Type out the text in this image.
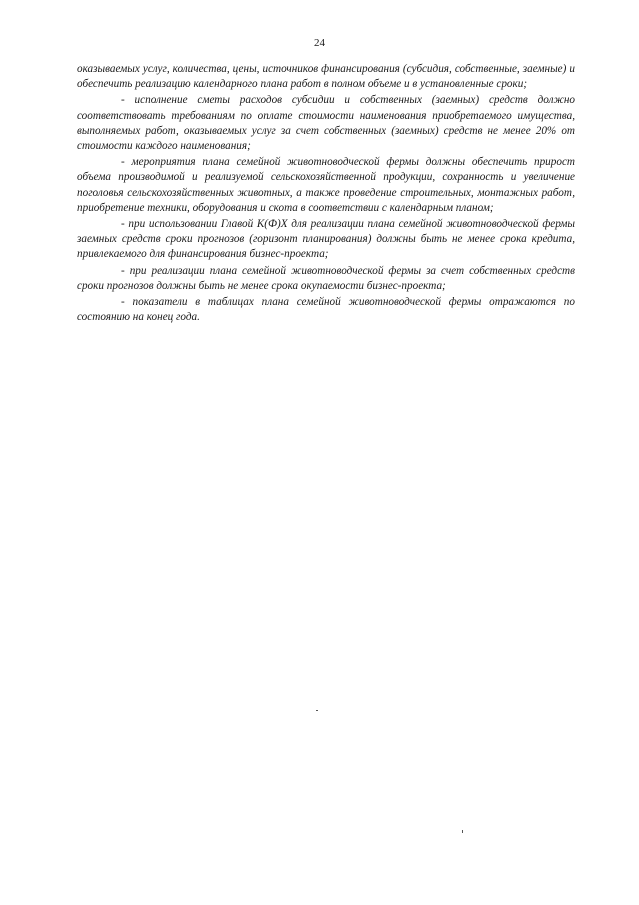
24

оказываемых услуг, количества, цены, источников финансирования (субсидия, собственные, заемные) и обеспечить реализацию календарного плана работ в полном объеме и в установленные сроки;

- исполнение сметы расходов субсидии и собственных (заемных) средств должно соответствовать требованиям по оплате стоимости наименования приобретаемого имущества, выполняемых работ, оказываемых услуг за счет собственных (заемных) средств не менее 20% от стоимости каждого наименования;

- мероприятия плана семейной животноводческой фермы должны обеспечить прирост объема производимой и реализуемой сельскохозяйственной продукции, сохранность и увеличение поголовья сельскохозяйственных животных, а также проведение строительных, монтажных работ, приобретение техники, оборудования и скота в соответствии с календарным планом;

- при использовании Главой К(Ф)Х для реализации плана семейной животноводческой фермы заемных средств сроки прогнозов (горизонт планирования) должны быть не менее срока кредита, привлекаемого для финансирования бизнес-проекта;

- при реализации плана семейной животноводческой фермы за счет собственных средств сроки прогнозов должны быть не менее срока окупаемости бизнес-проекта;

- показатели в таблицах плана семейной животноводческой фермы отражаются по состоянию на конец года.
